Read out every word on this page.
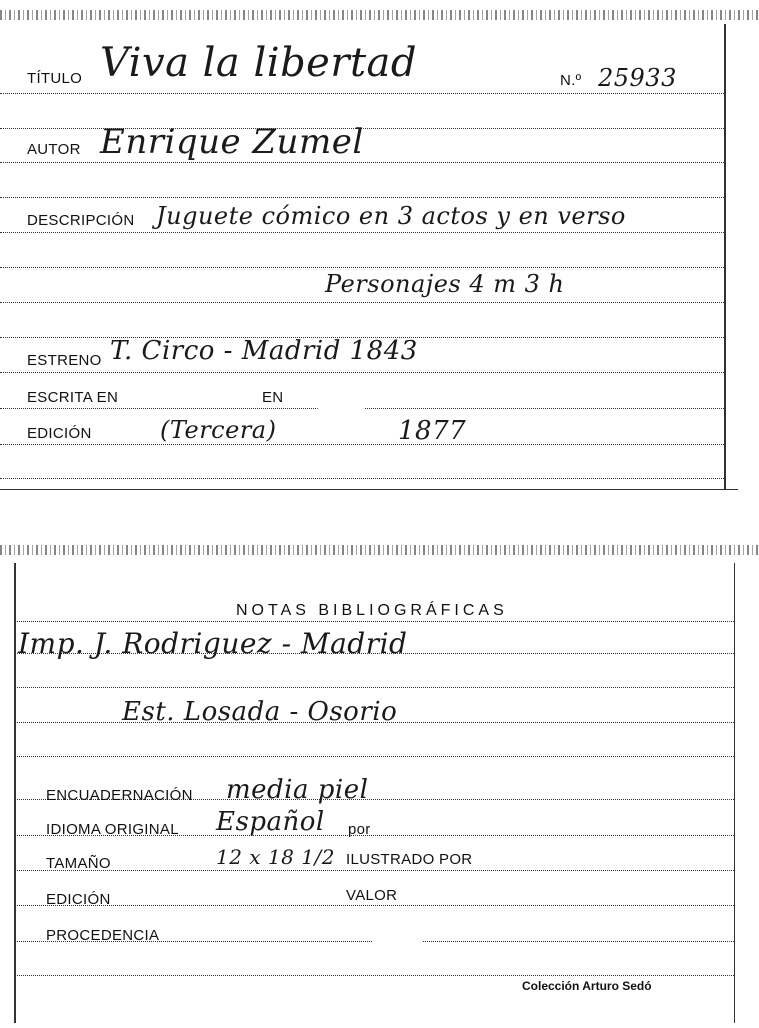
TÍTULO Viva la libertad	N.º 25933
AUTOR Enrique Zumel
DESCRIPCIÓN Juguete cómico en 3 actos y en verso
Personajes 4 m 3 h
ESTRENO T. Circo - Madrid 1843
ESCRITA EN	EN
EDICIÓN	(Tercera)	1877
NOTAS BIBLIOGRÁFICAS
Imp. J. Rodriguez - Madrid
Est. Losada - Osorio
ENCUADERNACIÓN media piel
IDIOMA ORIGINAL Español por
TAMAÑO	12 x 18 1/2 ILUSTRADO POR
EDICIÓN	VALOR
PROCEDENCIA
Colección Arturo Sedó
